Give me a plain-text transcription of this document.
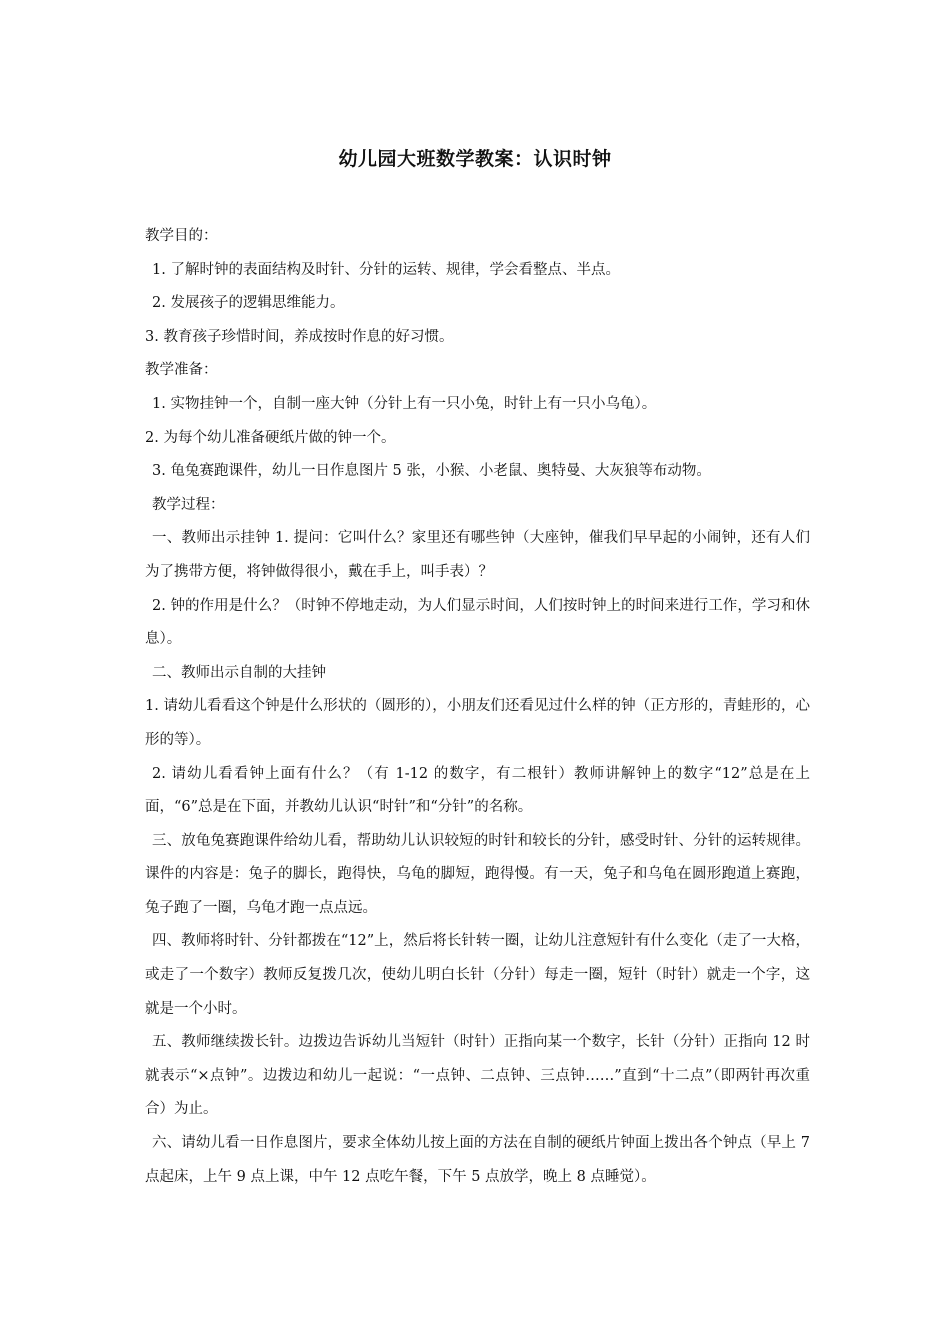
幼儿园大班数学教案：认识时钟

教学目的：

1. 了解时钟的表面结构及时针、分针的运转、规律，学会看整点、半点。

2. 发展孩子的逻辑思维能力。

3. 教育孩子珍惜时间，养成按时作息的好习惯。

教学准备：

1. 实物挂钟一个，自制一座大钟（分针上有一只小兔，时针上有一只小乌龟）。

2. 为每个幼儿准备硬纸片做的钟一个。

3. 龟兔赛跑课件，幼儿一日作息图片 5 张，小猴、小老鼠、奥特曼、大灰狼等布动物。

教学过程：

一、教师出示挂钟 1. 提问：它叫什么？家里还有哪些钟（大座钟，催我们早早起的小闹钟，还有人们为了携带方便，将钟做得很小，戴在手上，叫手表）？

2. 钟的作用是什么？（时钟不停地走动，为人们显示时间，人们按时钟上的时间来进行工作，学习和休息）。

二、教师出示自制的大挂钟

1. 请幼儿看看这个钟是什么形状的（圆形的），小朋友们还看见过什么样的钟（正方形的，青蛙形的，心形的等）。

2. 请幼儿看看钟上面有什么？（有 1-12 的数字，有二根针）教师讲解钟上的数字“12”总是在上面，“6”总是在下面，并教幼儿认识“时针”和“分针”的名称。

三、放龟兔赛跑课件给幼儿看，帮助幼儿认识较短的时针和较长的分针，感受时针、分针的运转规律。课件的内容是：兔子的脚长，跑得快，乌龟的脚短，跑得慢。有一天，兔子和乌龟在圆形跑道上赛跑，兔子跑了一圈，乌龟才跑一点点远。

四、教师将时针、分针都拨在“12”上，然后将长针转一圈，让幼儿注意短针有什么变化（走了一大格，或走了一个数字）教师反复拨几次，使幼儿明白长针（分针）每走一圈，短针（时针）就走一个字，这就是一个小时。

五、教师继续拨长针。边拨边告诉幼儿当短针（时针）正指向某一个数字，长针（分针）正指向 12 时就表示“×点钟”。边拨边和幼儿一起说：“一点钟、二点钟、三点钟……”直到“十二点”（即两针再次重合）为止。

六、请幼儿看一日作息图片，要求全体幼儿按上面的方法在自制的硬纸片钟面上拨出各个钟点（早上 7 点起床，上午 9 点上课，中午 12 点吃午餐，下午 5 点放学，晚上 8 点睡觉）。
